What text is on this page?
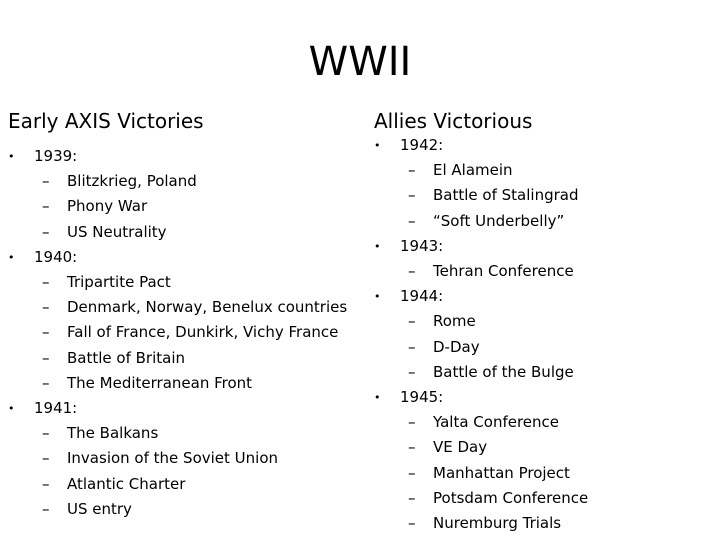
WWII
Early AXIS Victories
•	1939:
– Blitzkrieg, Poland
– Phony War
– US Neutrality
•	1940:
– Tripartite Pact
– Denmark, Norway, Benelux countries
– Fall of France, Dunkirk, Vichy France
– Battle of Britain
– The Mediterranean Front
•	1941:
– The Balkans
– Invasion of the Soviet Union
– Atlantic Charter
– US entry
Allies Victorious
•	1942:
– El Alamein
– Battle of Stalingrad
– “Soft Underbelly”
•	1943:
– Tehran Conference
•	1944:
– Rome
– D-Day
– Battle of the Bulge
•	1945:
– Yalta Conference
– VE Day
– Manhattan Project
– Potsdam Conference
– Nuremburg Trials
